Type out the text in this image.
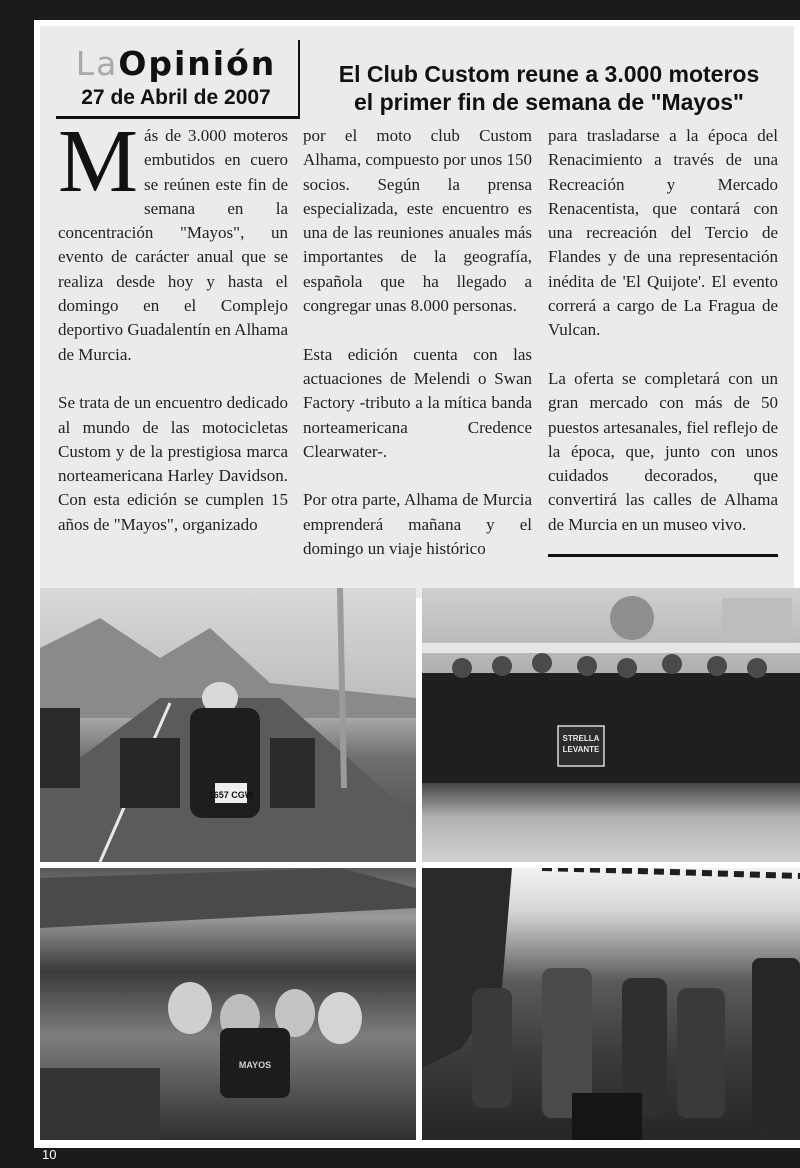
LaOpinión
27 de Abril de 2007
El Club Custom reune a 3.000 moteros
el primer fin de semana de "Mayos"

Más de 3.000 moteros embutidos en cuero se reúnen este fin de semana en la concentración "Mayos", un evento de carácter anual que se realiza desde hoy y hasta el domingo en el Complejo deportivo Guadalentín en Alhama de Murcia.

Se trata de un encuentro dedicado al mundo de las motocicletas Custom y de la prestigiosa marca norteamericana Harley Davidson. Con esta edición se cumplen 15 años de "Mayos", organizado

por el moto club Custom Alhama, compuesto por unos 150 socios. Según la prensa especializada, este encuentro es una de las reuniones anuales más importantes de la geografía, española que ha llegado a congregar unas 8.000 personas.

Esta edición cuenta con las actuaciones de Melendi o Swan Factory -tributo a la mítica banda norteamericana Credence Clearwater-.

Por otra parte, Alhama de Murcia emprenderá mañana y el domingo un viaje histórico

para trasladarse a la época del Renacimiento a través de una Recreación y Mercado Renacentista, que contará con una recreación del Tercio de Flandes y de una representación inédita de 'El Quijote'. El evento correrá a cargo de La Fragua de Vulcan.

La oferta se completará con un gran mercado con más de 50 puestos artesanales, fiel reflejo de la época, que, junto con unos cuidados decorados, que convertirá las calles de Alhama de Murcia en un museo vivo.

1657 CGW
STRELLA
LEVANTE
MAYOS
10
